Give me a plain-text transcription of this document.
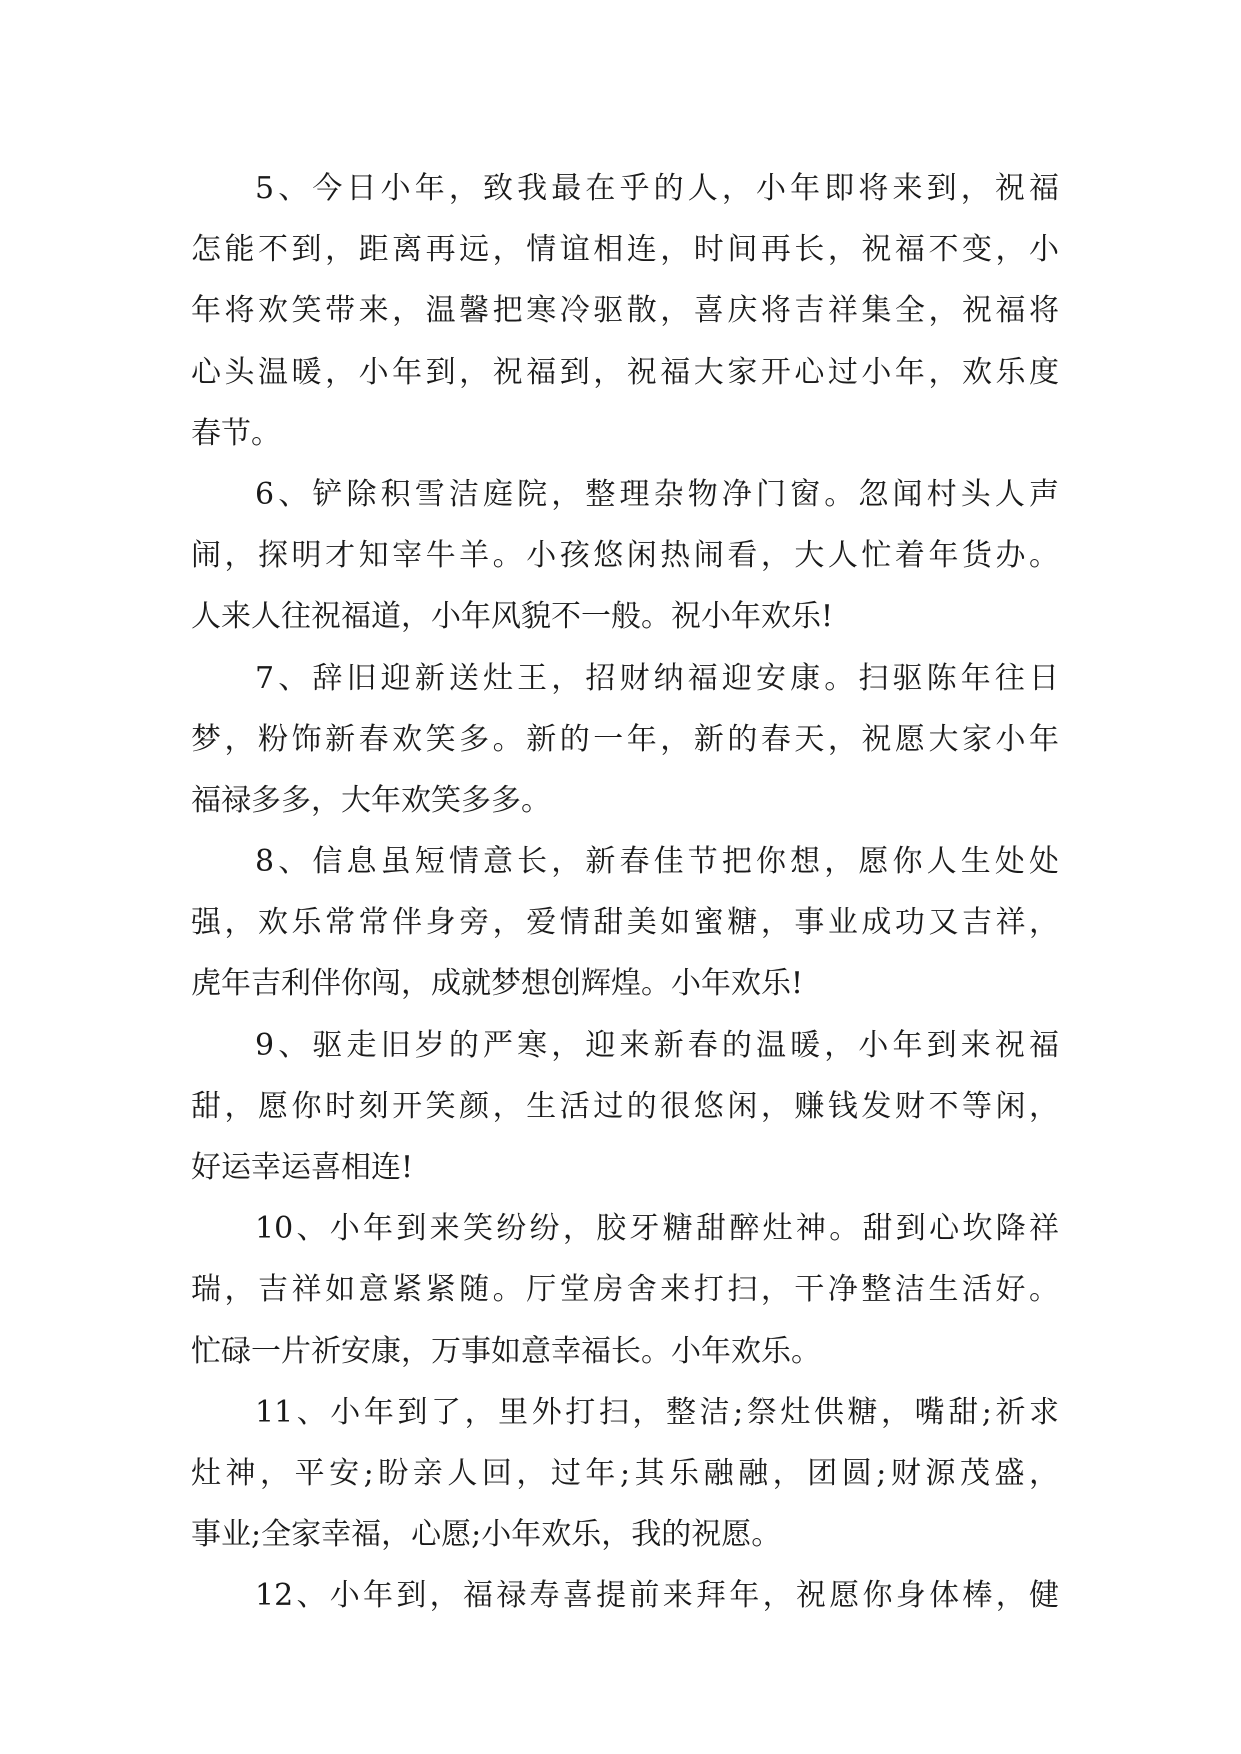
5、今日小年，致我最在乎的人，小年即将来到，祝福
怎能不到，距离再远，情谊相连，时间再长，祝福不变，小
年将欢笑带来，温馨把寒冷驱散，喜庆将吉祥集全，祝福将
心头温暖，小年到，祝福到，祝福大家开心过小年，欢乐度
春节。
6、铲除积雪洁庭院，整理杂物净门窗。忽闻村头人声
闹，探明才知宰牛羊。小孩悠闲热闹看，大人忙着年货办。
人来人往祝福道，小年风貌不一般。祝小年欢乐!
7、辞旧迎新送灶王，招财纳福迎安康。扫驱陈年往日
梦，粉饰新春欢笑多。新的一年，新的春天，祝愿大家小年
福禄多多，大年欢笑多多。
8、信息虽短情意长，新春佳节把你想，愿你人生处处
强，欢乐常常伴身旁，爱情甜美如蜜糖，事业成功又吉祥，
虎年吉利伴你闯，成就梦想创辉煌。小年欢乐!
9、驱走旧岁的严寒，迎来新春的温暖，小年到来祝福
甜，愿你时刻开笑颜，生活过的很悠闲，赚钱发财不等闲，
好运幸运喜相连!
10、小年到来笑纷纷，胶牙糖甜醉灶神。甜到心坎降祥
瑞，吉祥如意紧紧随。厅堂房舍来打扫，干净整洁生活好。
忙碌一片祈安康，万事如意幸福长。小年欢乐。
11、小年到了，里外打扫，整洁;祭灶供糖，嘴甜;祈求
灶神，平安;盼亲人回，过年;其乐融融，团圆;财源茂盛，
事业;全家幸福，心愿;小年欢乐，我的祝愿。
12、小年到，福禄寿喜提前来拜年，祝愿你身体棒，健
